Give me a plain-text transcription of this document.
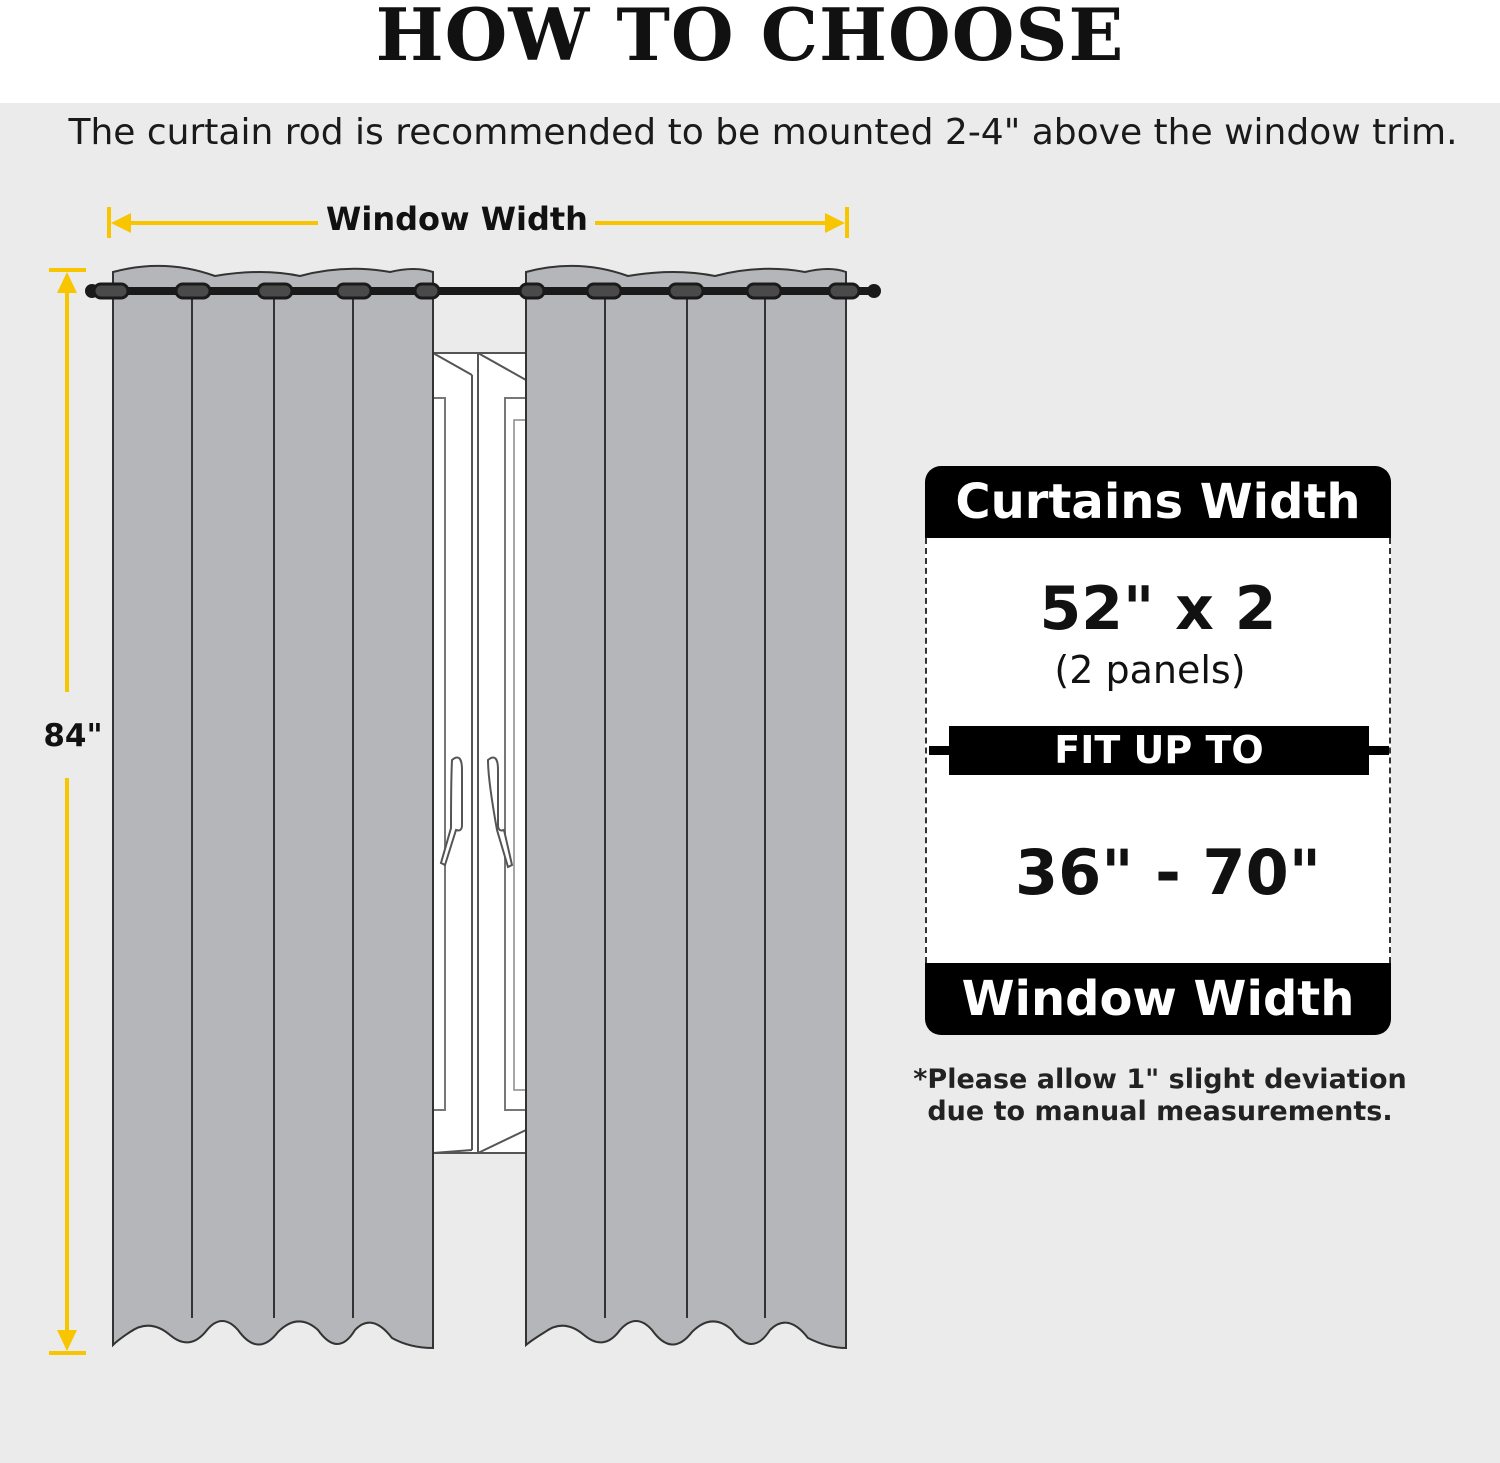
HOW TO CHOOSE
The curtain rod is recommended to be mounted 2-4" above the window trim.
Window Width
84"
Curtains Width
52" x 2
(2 panels)
FIT UP TO
36" - 70"
Window Width
*Please allow 1" slight deviation
due to manual measurements.
